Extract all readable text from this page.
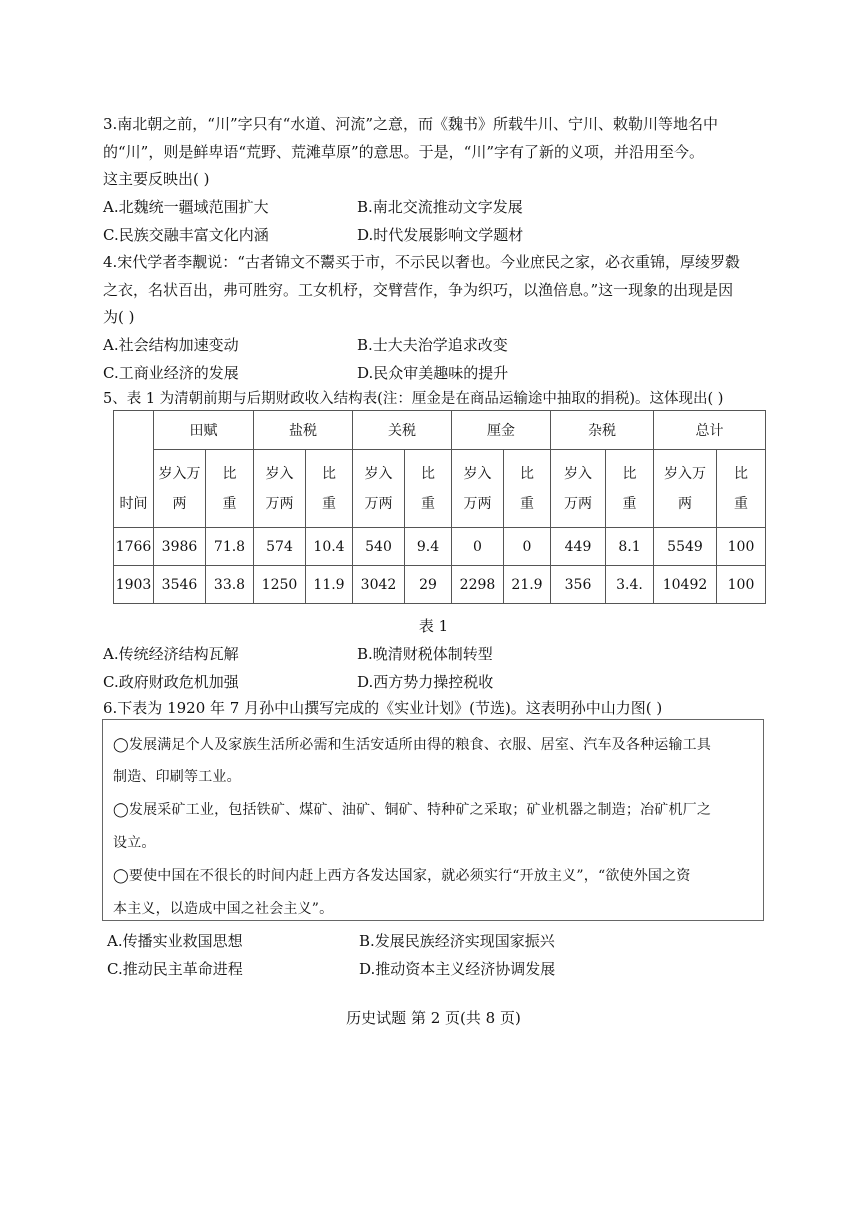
3.南北朝之前，“川”字只有“水道、河流”之意，而《魏书》所载牛川、宁川、敕勒川等地名中
的“川”，则是鲜卑语“荒野、荒滩草原”的意思。于是，“川”字有了新的义项，并沿用至今。
这主要反映出( )
A.北魏统一疆域范围扩大	B.南北交流推动文字发展
C.民族交融丰富文化内涵	D.时代发展影响文学题材
4.宋代学者李觏说：“古者锦文不鬻买于市，不示民以奢也。今业庶民之家，必衣重锦，厚绫罗縠
之衣，名状百出，弗可胜穷。工女机杼，交臂营作，争为织巧，以渔倍息。”这一现象的出现是因
为( )
A.社会结构加速变动	B.士大夫治学追求改变
C.工商业经济的发展	D.民众审美趣味的提升
5、表 1 为清朝前期与后期财政收入结构表(注：厘金是在商品运输途中抽取的捐税)。这体现出( )
时间	田赋		盐税		关税		厘金		杂税		总计	
	岁入万两	比重	岁入万两	比重	岁入万两	比重	岁入万两	比重	岁入万两	比重	岁入万两	比重
1766	3986	71.8	574	10.4	540	9.4	0	0	449	8.1	5549	100
1903	3546	33.8	1250	11.9	3042	29	2298	21.9	356	3.4.	10492	100
表 1
A.传统经济结构瓦解	B.晚清财税体制转型
C.政府财政危机加强	D.西方势力操控税收
6.下表为 1920 年 7 月孙中山撰写完成的《实业计划》(节选)。这表明孙中山力图( )
◯发展满足个人及家族生活所必需和生活安适所由得的粮食、衣服、居室、汽车及各种运输工具
制造、印刷等工业。
◯发展采矿工业，包括铁矿、煤矿、油矿、铜矿、特种矿之采取；矿业机器之制造；冶矿机厂之
设立。
◯要使中国在不很长的时间内赶上西方各发达国家，就必须实行“开放主义”，“欲使外国之资
本主义，以造成中国之社会主义”。
A.传播实业救国思想	B.发展民族经济实现国家振兴
C.推动民主革命进程	D.推动资本主义经济协调发展
历史试题 第 2 页(共 8 页)
